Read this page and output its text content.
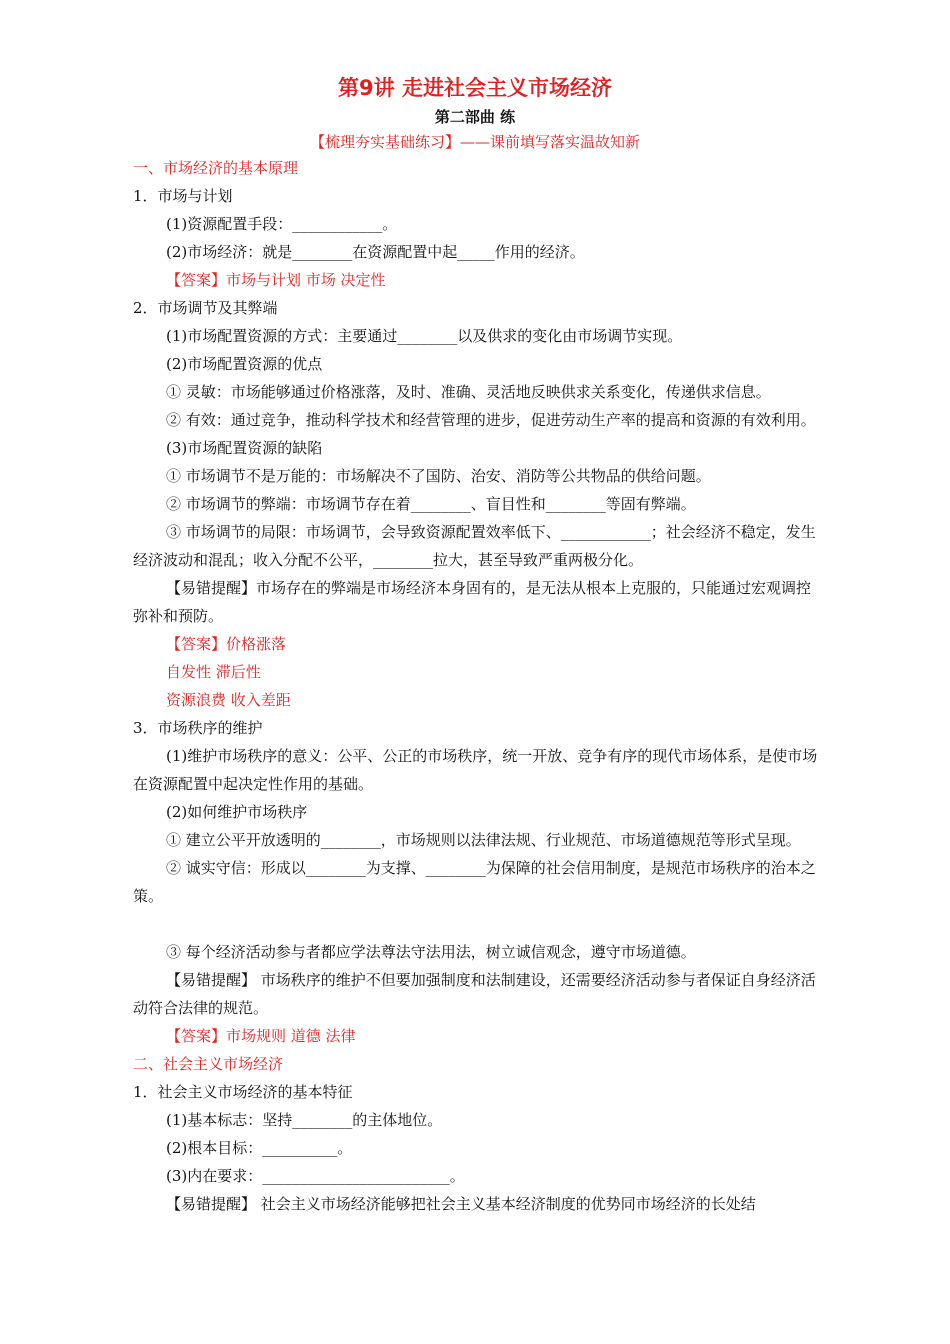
第9讲 走进社会主义市场经济
第二部曲 练
【梳理夯实基础练习】——课前填写落实温故知新

一、市场经济的基本原理

1．市场与计划

(1)资源配置手段：____________。

(2)市场经济：就是________在资源配置中起_____作用的经济。

【答案】市场与计划 市场 决定性

2．市场调节及其弊端

(1)市场配置资源的方式：主要通过________以及供求的变化由市场调节实现。

(2)市场配置资源的优点

① 灵敏：市场能够通过价格涨落，及时、准确、灵活地反映供求关系变化，传递供求信息。

② 有效：通过竞争，推动科学技术和经营管理的进步，促进劳动生产率的提高和资源的有效利用。

(3)市场配置资源的缺陷

① 市场调节不是万能的：市场解决不了国防、治安、消防等公共物品的供给问题。

② 市场调节的弊端：市场调节存在着________、盲目性和________等固有弊端。

③ 市场调节的局限：市场调节，会导致资源配置效率低下、____________；社会经济不稳定，发生经济波动和混乱；收入分配不公平，________拉大，甚至导致严重两极分化。

【易错提醒】市场存在的弊端是市场经济本身固有的，是无法从根本上克服的，只能通过宏观调控弥补和预防。

【答案】价格涨落

自发性 滞后性

资源浪费 收入差距

3．市场秩序的维护

(1)维护市场秩序的意义：公平、公正的市场秩序，统一开放、竞争有序的现代市场体系，是使市场在资源配置中起决定性作用的基础。

(2)如何维护市场秩序

① 建立公平开放透明的________，市场规则以法律法规、行业规范、市场道德规范等形式呈现。

② 诚实守信：形成以________为支撑、________为保障的社会信用制度，是规范市场秩序的治本之策。

③ 每个经济活动参与者都应学法尊法守法用法，树立诚信观念，遵守市场道德。

【易错提醒】 市场秩序的维护不但要加强制度和法制建设，还需要经济活动参与者保证自身经济活动符合法律的规范。

【答案】市场规则 道德 法律

二、社会主义市场经济

1．社会主义市场经济的基本特征

(1)基本标志：坚持________的主体地位。

(2)根本目标：__________。

(3)内在要求：_________________________。

【易错提醒】 社会主义市场经济能够把社会主义基本经济制度的优势同市场经济的长处结
